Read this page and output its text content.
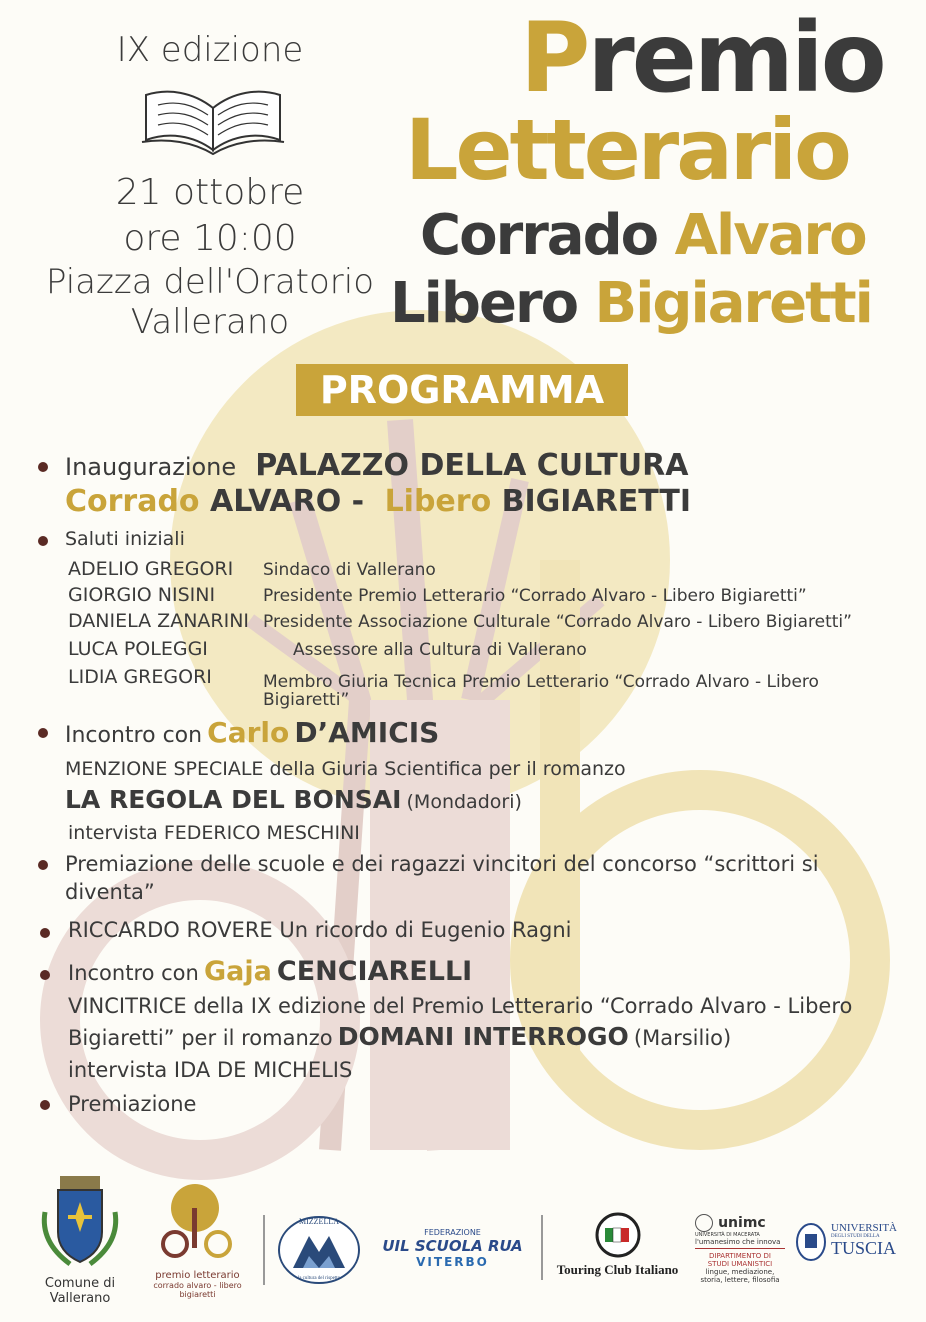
IX edizione
21 ottobre
ore 10:00
Piazza dell'Oratorio
Vallerano
Premio
Letterario
Corrado Alvaro
Libero Bigiaretti
PROGRAMMA
Inaugurazione PALAZZO DELLA CULTURA
Corrado ALVARO - Libero BIGIARETTI
Saluti iniziali
ADELIO GREGORI Sindaco di Vallerano
GIORGIO NISINI	Presidente Premio Letterario “Corrado Alvaro - Libero Bigiaretti”
DANIELA ZANARINI Presidente Associazione Culturale “Corrado Alvaro - Libero Bigiaretti”
LUCA POLEGGI	Assessore alla Cultura di Vallerano
LIDIA GREGORI	Membro Giuria Tecnica Premio Letterario “Corrado Alvaro - Libero
Bigiaretti”
Incontro con Carlo D’AMICIS
MENZIONE SPECIALE della Giuria Scientifica per il romanzo
LA REGOLA DEL BONSAI (Mondadori)
intervista FEDERICO MESCHINI
Premiazione delle scuole e dei ragazzi vincitori del concorso “scrittori si
diventa”
RICCARDO ROVERE Un ricordo di Eugenio Ragni
Incontro con Gaja CENCIARELLI
VINCITRICE della IX edizione del Premio Letterario “Corrado Alvaro - Libero
Bigiaretti” per il romanzo DOMANI INTERROGO (Marsilio)
intervista IDA DE MICHELIS
Premiazione
Comune di
Vallerano
premio letterario
corrado alvaro - libero bigiaretti
MIZZELLA
la cultura del rispetto
FEDERAZIONE
UIL SCUOLA RUA
VITERBO	Touring Club Italiano
unimc
UNIVERSITÀ DI MACERATA
l'umanesimo che innova
DIPARTIMENTO DI
STUDI UMANISTICI
lingue, mediazione,
storia, lettere, filosofia
UNIVERSITÀ
DEGLI STUDI DELLA
TUSCIA
